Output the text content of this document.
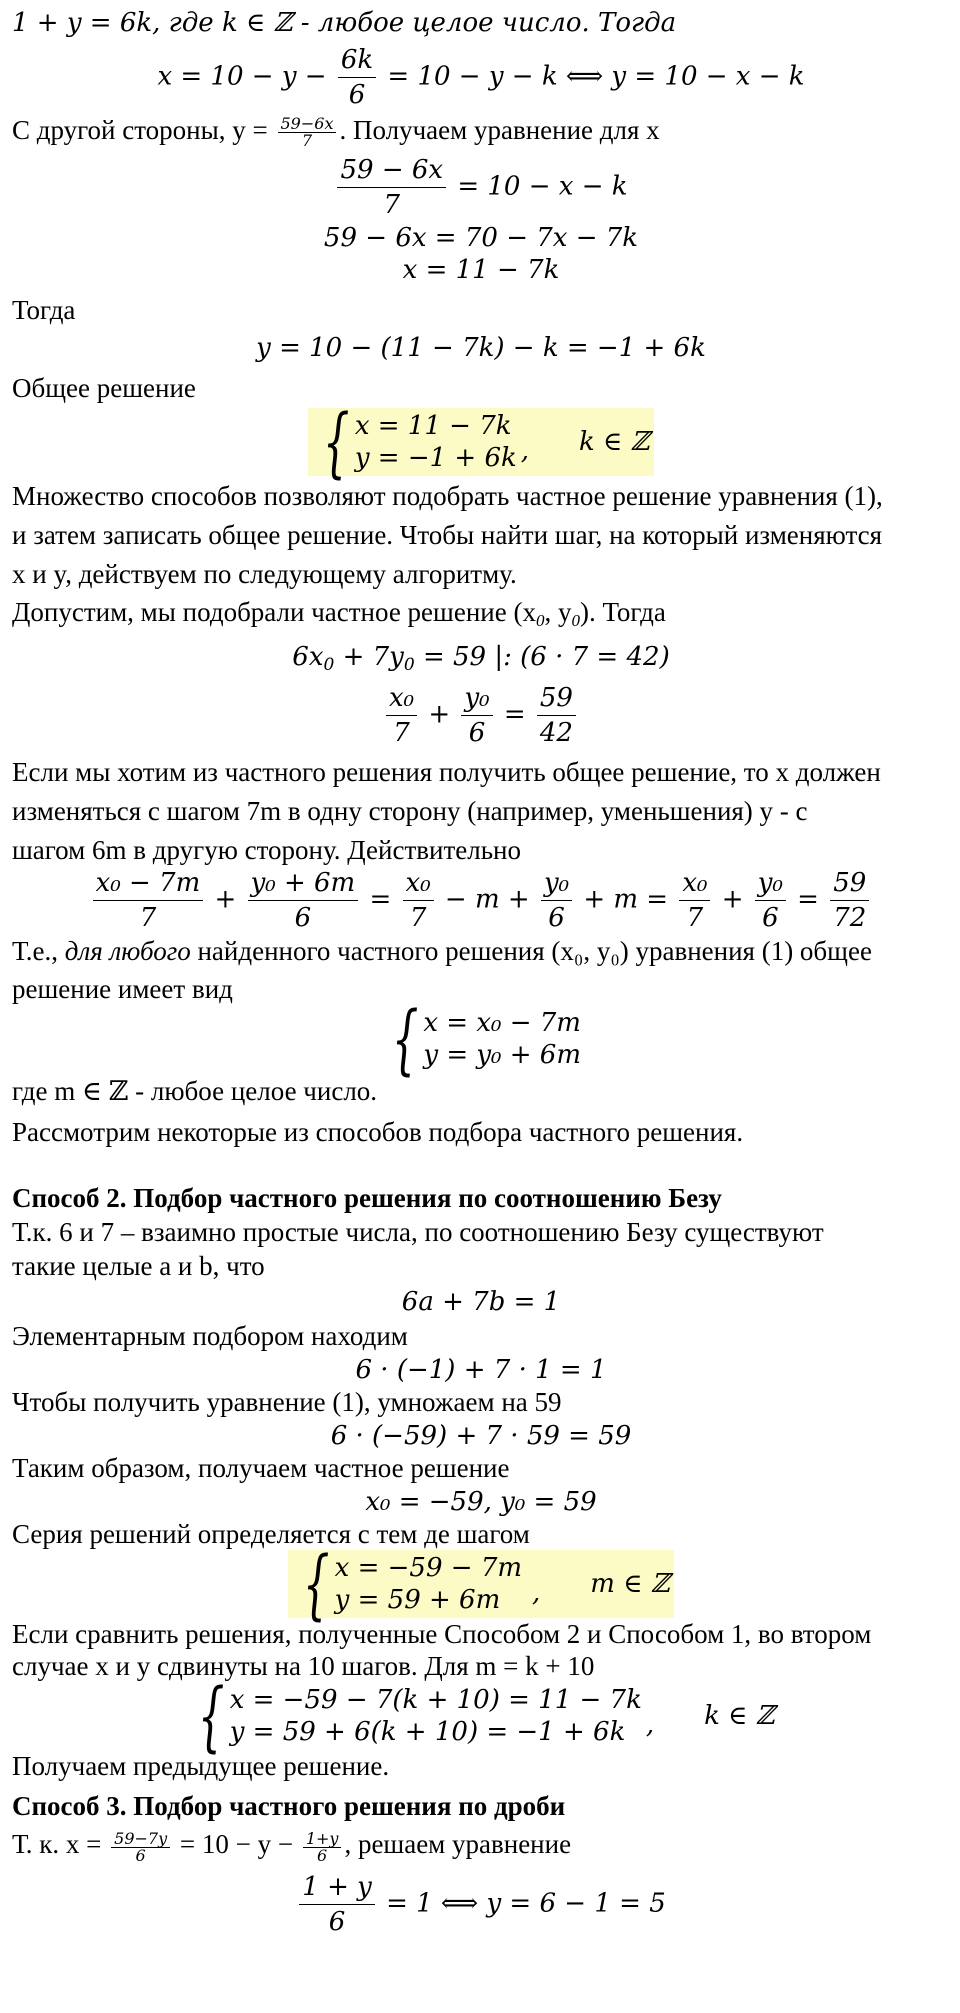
1 + y = 6k, где k ∈ ℤ - любое целое число. Тогда
$x = 10 - y - \frac{6k}{6} = 10 - y - k$ ⟺ y = 10 − x − k
С другой стороны, $y = \frac{59-6x}{7}$ . Получаем уравнение для x
$\frac{59 - 6x}{7} = 10 - x - k$
59 − 6x = 70 − 7x − 7k
x = 11 − 7k
Тогда
y = 10 − (11 − 7k) − k = −1 + 6k
Общее решение
{ x = 11 − 7k
y = −1 + 6k , k ∈ ℤ
Множество способов позволяют подобрать частное решение уравнения (1),
и затем записать общее решение. Чтобы найти шаг, на который изменяются
x и y, действуем по следующему алгоритму.
Допустим, мы подобрали частное решение ($x_0$, $y_0$). Тогда
$6x_0 + 7y_0 = 59$ |: (6 · 7 = 42)
$\frac{\text{x₀}}{7} + \frac{\text{y₀}}{6} = \frac{59}{42}$
Если мы хотим из частного решения получить общее решение, то x должен
изменяться с шагом 7m в одну сторону (например, уменьшения) y - с
шагом 6m в другую сторону. Действительно
$\frac{\text{x₀ − 7m}}{7} + \frac{\text{y₀ + 6m}}{6} = \frac{\text{x₀}}{7} - m + \frac{\text{y₀}}{6} + m = \frac{\text{x₀}}{7} + \frac{\text{y₀}}{6} = \frac{59}{72}$
Т.е., для любого найденного частного решения (x₀, y₀) уравнения (1) общее
решение имеет вид
{ x = x₀ − 7m
y = y₀ + 6m
где m ∈ ℤ - любое целое число.
Рассмотрим некоторые из способов подбора частного решения.
Способ 2. Подбор частного решения по соотношению Безу
Т.к. 6 и 7 – взаимно простые числа, по соотношению Безу существуют
такие целые a и b, что
6a + 7b = 1
Элементарным подбором находим
6 · (−1) + 7 · 1 = 1
Чтобы получить уравнение (1), умножаем на 59
6 · (−59) + 7 · 59 = 59
Таким образом, получаем частное решение
x₀ = −59, y₀ = 59
Серия решений определяется с тем де шагом
{ x = −59 − 7m
y = 59 + 6m	, m ∈ ℤ
Если сравнить решения, полученные Способом 2 и Способом 1, во втором
случае x и y сдвинуты на 10 шагов. Для m = k + 10
{ x = −59 − 7(k + 10) = 11 − 7k
y = 59 + 6(k + 10) = −1 + 6k , k ∈ ℤ
Получаем предыдущее решение.
Способ 3. Подбор частного решения по дроби
Т. к. $x = \frac{59-7y}{6} = 10 - y - \frac{1+y}{6}$ , решаем уравнение
$\frac{1 + y}{6} = 1$ ⟺ y = 6 − 1 = 5
